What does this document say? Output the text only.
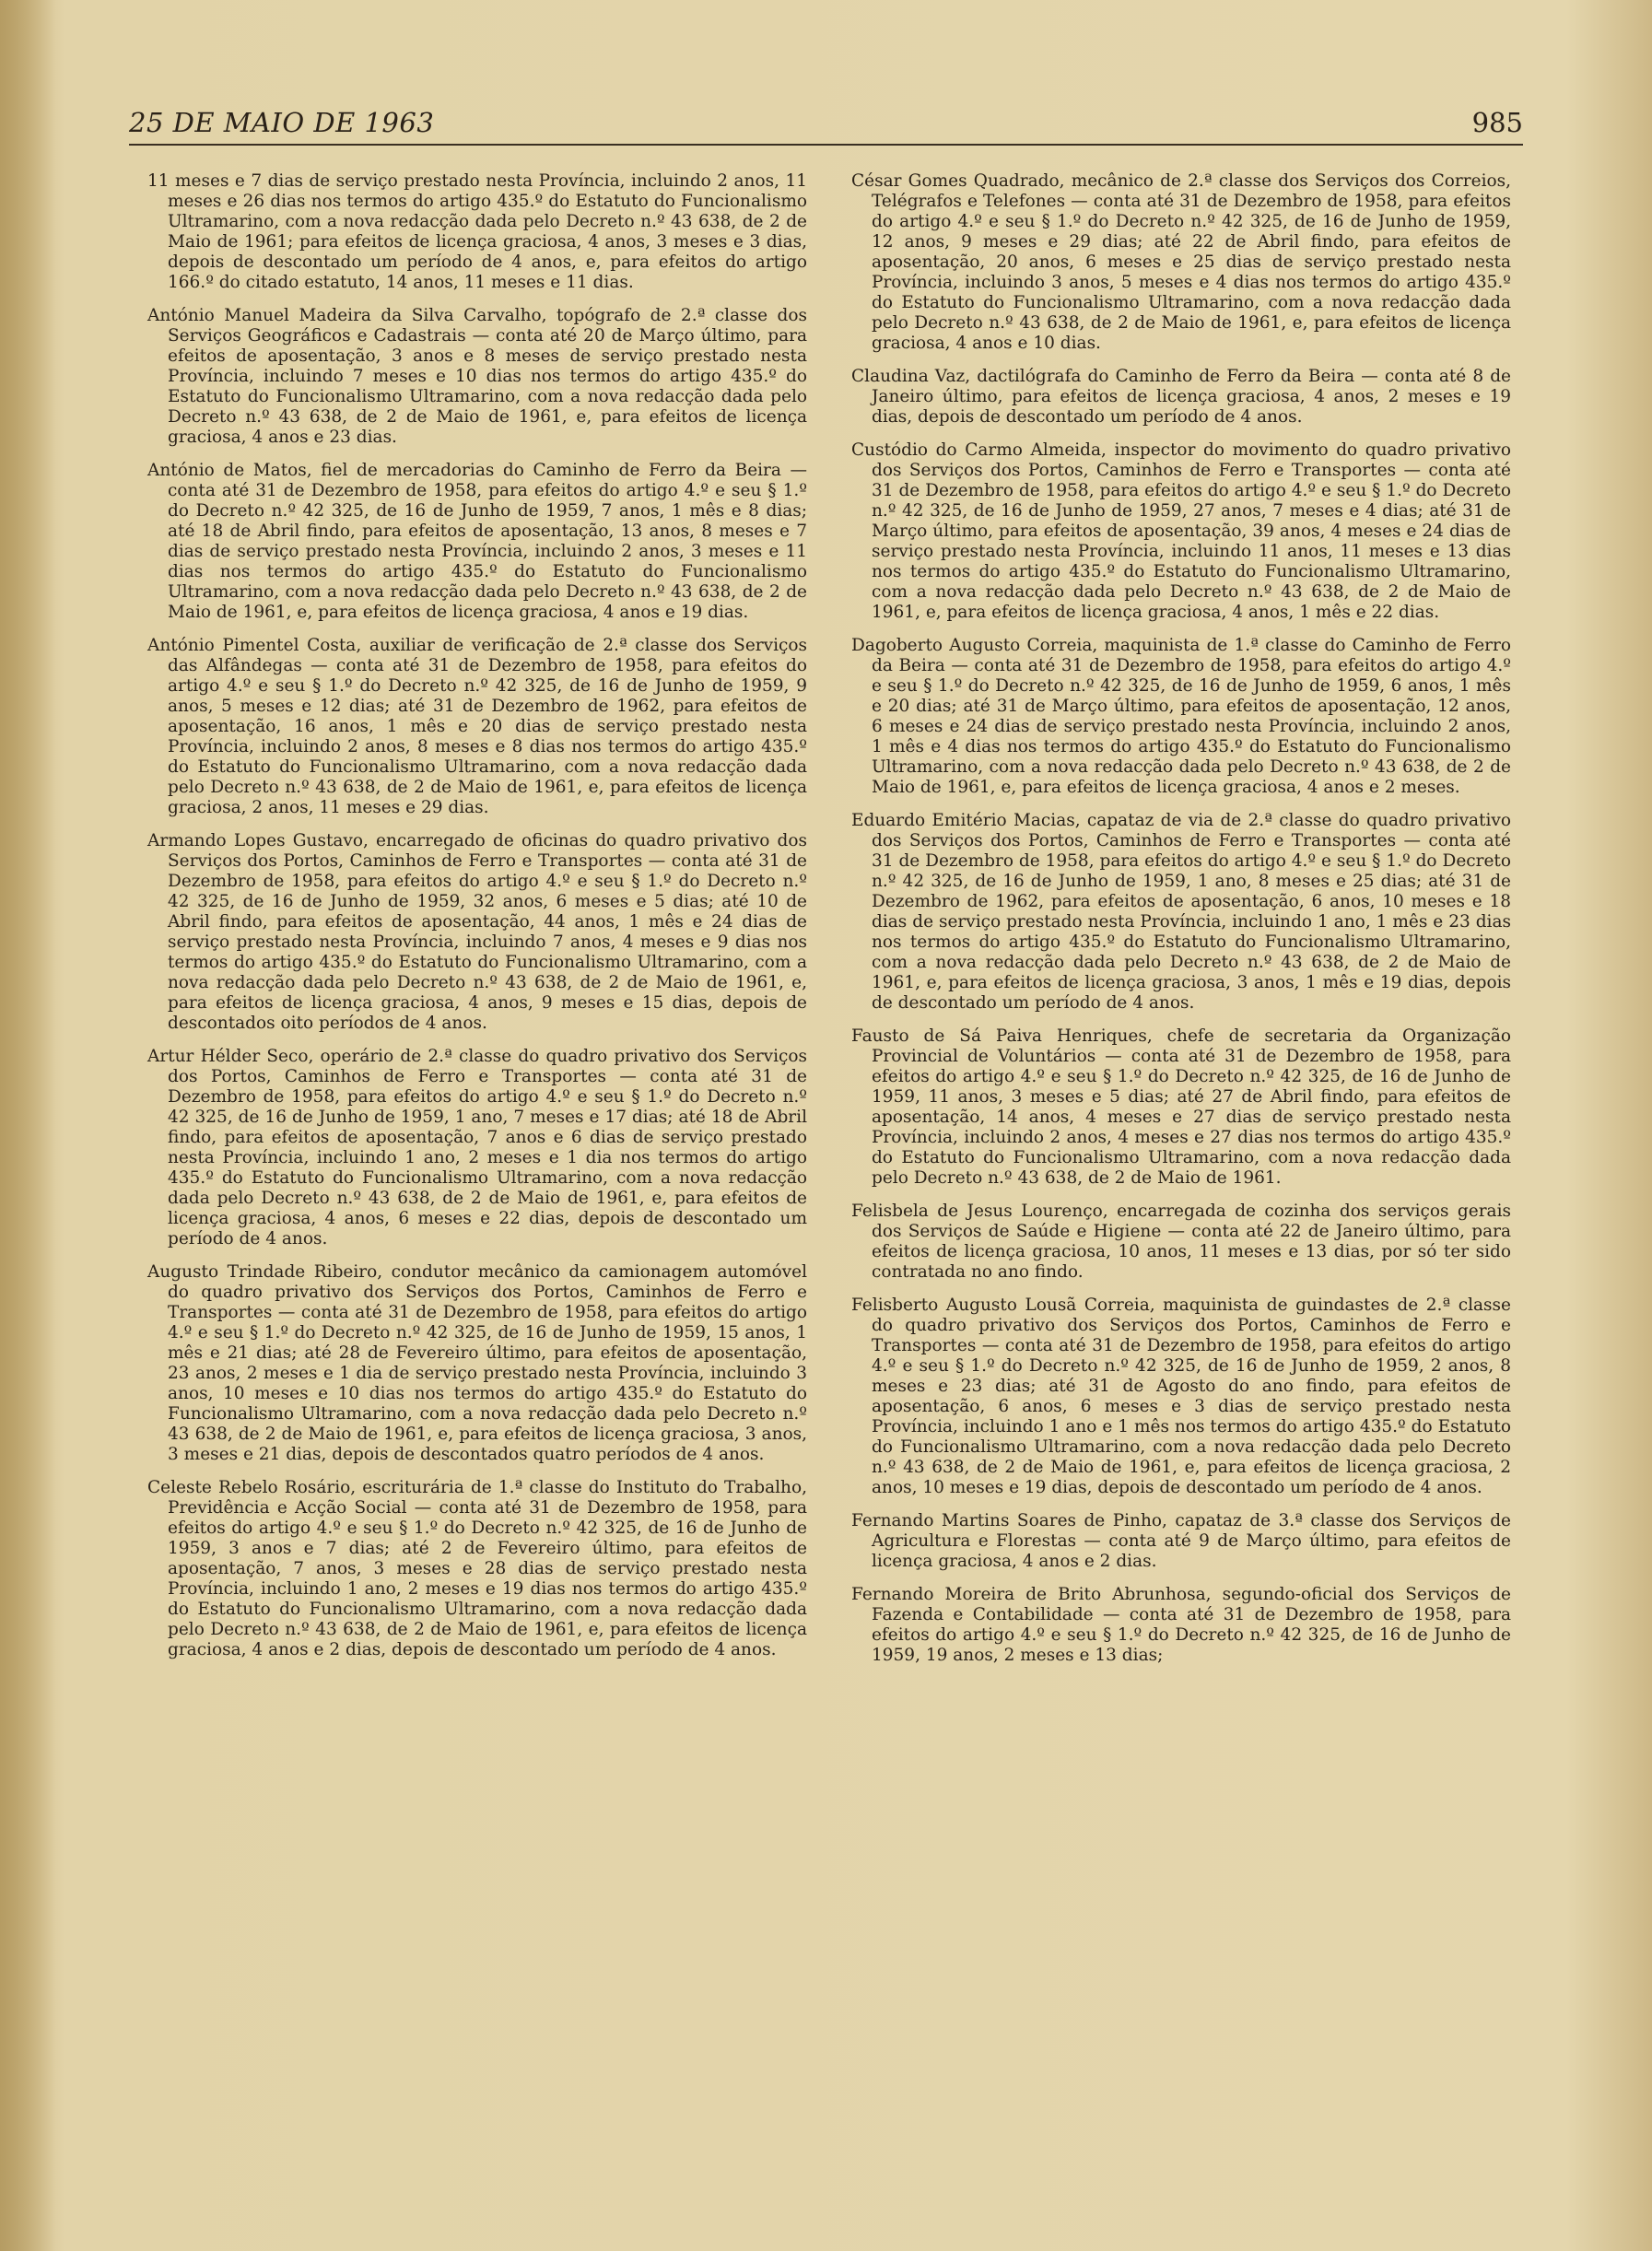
25 DE MAIO DE 1963	985

11 meses e 7 dias de serviço prestado nesta Província, incluindo 2 anos, 11 meses e 26 dias nos termos do artigo 435.º do Estatuto do Funcionalismo Ultramarino, com a nova redacção dada pelo Decreto n.º 43 638, de 2 de Maio de 1961; para efeitos de licença graciosa, 4 anos, 3 meses e 3 dias, depois de descontado um período de 4 anos, e, para efeitos do artigo 166.º do citado estatuto, 14 anos, 11 meses e 11 dias.

António Manuel Madeira da Silva Carvalho, topógrafo de 2.ª classe dos Serviços Geográficos e Cadastrais — conta até 20 de Março último, para efeitos de aposentação, 3 anos e 8 meses de serviço prestado nesta Província, incluindo 7 meses e 10 dias nos termos do artigo 435.º do Estatuto do Funcionalismo Ultramarino, com a nova redacção dada pelo Decreto n.º 43 638, de 2 de Maio de 1961, e, para efeitos de licença graciosa, 4 anos e 23 dias.

António de Matos, fiel de mercadorias do Caminho de Ferro da Beira — conta até 31 de Dezembro de 1958, para efeitos do artigo 4.º e seu § 1.º do Decreto n.º 42 325, de 16 de Junho de 1959, 7 anos, 1 mês e 8 dias; até 18 de Abril findo, para efeitos de aposentação, 13 anos, 8 meses e 7 dias de serviço prestado nesta Província, incluindo 2 anos, 3 meses e 11 dias nos termos do artigo 435.º do Estatuto do Funcionalismo Ultramarino, com a nova redacção dada pelo Decreto n.º 43 638, de 2 de Maio de 1961, e, para efeitos de licença graciosa, 4 anos e 19 dias.

António Pimentel Costa, auxiliar de verificação de 2.ª classe dos Serviços das Alfândegas — conta até 31 de Dezembro de 1958, para efeitos do artigo 4.º e seu § 1.º do Decreto n.º 42 325, de 16 de Junho de 1959, 9 anos, 5 meses e 12 dias; até 31 de Dezembro de 1962, para efeitos de aposentação, 16 anos, 1 mês e 20 dias de serviço prestado nesta Província, incluindo 2 anos, 8 meses e 8 dias nos termos do artigo 435.º do Estatuto do Funcionalismo Ultramarino, com a nova redacção dada pelo Decreto n.º 43 638, de 2 de Maio de 1961, e, para efeitos de licença graciosa, 2 anos, 11 meses e 29 dias.

Armando Lopes Gustavo, encarregado de oficinas do quadro privativo dos Serviços dos Portos, Caminhos de Ferro e Transportes — conta até 31 de Dezembro de 1958, para efeitos do artigo 4.º e seu § 1.º do Decreto n.º 42 325, de 16 de Junho de 1959, 32 anos, 6 meses e 5 dias; até 10 de Abril findo, para efeitos de aposentação, 44 anos, 1 mês e 24 dias de serviço prestado nesta Província, incluindo 7 anos, 4 meses e 9 dias nos termos do artigo 435.º do Estatuto do Funcionalismo Ultramarino, com a nova redacção dada pelo Decreto n.º 43 638, de 2 de Maio de 1961, e, para efeitos de licença graciosa, 4 anos, 9 meses e 15 dias, depois de descontados oito períodos de 4 anos.

Artur Hélder Seco, operário de 2.ª classe do quadro privativo dos Serviços dos Portos, Caminhos de Ferro e Transportes — conta até 31 de Dezembro de 1958, para efeitos do artigo 4.º e seu § 1.º do Decreto n.º 42 325, de 16 de Junho de 1959, 1 ano, 7 meses e 17 dias; até 18 de Abril findo, para efeitos de aposentação, 7 anos e 6 dias de serviço prestado nesta Província, incluindo 1 ano, 2 meses e 1 dia nos termos do artigo 435.º do Estatuto do Funcionalismo Ultramarino, com a nova redacção dada pelo Decreto n.º 43 638, de 2 de Maio de 1961, e, para efeitos de licença graciosa, 4 anos, 6 meses e 22 dias, depois de descontado um período de 4 anos.

Augusto Trindade Ribeiro, condutor mecânico da camionagem automóvel do quadro privativo dos Serviços dos Portos, Caminhos de Ferro e Transportes — conta até 31 de Dezembro de 1958, para efeitos do artigo 4.º e seu § 1.º do Decreto n.º 42 325, de 16 de Junho de 1959, 15 anos, 1 mês e 21 dias; até 28 de Fevereiro último, para efeitos de aposentação, 23 anos, 2 meses e 1 dia de serviço prestado nesta Província, incluindo 3 anos, 10 meses e 10 dias nos termos do artigo 435.º do Estatuto do Funcionalismo Ultramarino, com a nova redacção dada pelo Decreto n.º 43 638, de 2 de Maio de 1961, e, para efeitos de licença graciosa, 3 anos, 3 meses e 21 dias, depois de descontados quatro períodos de 4 anos.

Celeste Rebelo Rosário, escriturária de 1.ª classe do Instituto do Trabalho, Previdência e Acção Social — conta até 31 de Dezembro de 1958, para efeitos do artigo 4.º e seu § 1.º do Decreto n.º 42 325, de 16 de Junho de 1959, 3 anos e 7 dias; até 2 de Fevereiro último, para efeitos de aposentação, 7 anos, 3 meses e 28 dias de serviço prestado nesta Província, incluindo 1 ano, 2 meses e 19 dias nos termos do artigo 435.º do Estatuto do Funcionalismo Ultramarino, com a nova redacção dada pelo Decreto n.º 43 638, de 2 de Maio de 1961, e, para efeitos de licença graciosa, 4 anos e 2 dias, depois de descontado um período de 4 anos.

César Gomes Quadrado, mecânico de 2.ª classe dos Serviços dos Correios, Telégrafos e Telefones — conta até 31 de Dezembro de 1958, para efeitos do artigo 4.º e seu § 1.º do Decreto n.º 42 325, de 16 de Junho de 1959, 12 anos, 9 meses e 29 dias; até 22 de Abril findo, para efeitos de aposentação, 20 anos, 6 meses e 25 dias de serviço prestado nesta Província, incluindo 3 anos, 5 meses e 4 dias nos termos do artigo 435.º do Estatuto do Funcionalismo Ultramarino, com a nova redacção dada pelo Decreto n.º 43 638, de 2 de Maio de 1961, e, para efeitos de licença graciosa, 4 anos e 10 dias.

Claudina Vaz, dactilógrafa do Caminho de Ferro da Beira — conta até 8 de Janeiro último, para efeitos de licença graciosa, 4 anos, 2 meses e 19 dias, depois de descontado um período de 4 anos.

Custódio do Carmo Almeida, inspector do movimento do quadro privativo dos Serviços dos Portos, Caminhos de Ferro e Transportes — conta até 31 de Dezembro de 1958, para efeitos do artigo 4.º e seu § 1.º do Decreto n.º 42 325, de 16 de Junho de 1959, 27 anos, 7 meses e 4 dias; até 31 de Março último, para efeitos de aposentação, 39 anos, 4 meses e 24 dias de serviço prestado nesta Província, incluindo 11 anos, 11 meses e 13 dias nos termos do artigo 435.º do Estatuto do Funcionalismo Ultramarino, com a nova redacção dada pelo Decreto n.º 43 638, de 2 de Maio de 1961, e, para efeitos de licença graciosa, 4 anos, 1 mês e 22 dias.

Dagoberto Augusto Correia, maquinista de 1.ª classe do Caminho de Ferro da Beira — conta até 31 de Dezembro de 1958, para efeitos do artigo 4.º e seu § 1.º do Decreto n.º 42 325, de 16 de Junho de 1959, 6 anos, 1 mês e 20 dias; até 31 de Março último, para efeitos de aposentação, 12 anos, 6 meses e 24 dias de serviço prestado nesta Província, incluindo 2 anos, 1 mês e 4 dias nos termos do artigo 435.º do Estatuto do Funcionalismo Ultramarino, com a nova redacção dada pelo Decreto n.º 43 638, de 2 de Maio de 1961, e, para efeitos de licença graciosa, 4 anos e 2 meses.

Eduardo Emitério Macias, capataz de via de 2.ª classe do quadro privativo dos Serviços dos Portos, Caminhos de Ferro e Transportes — conta até 31 de Dezembro de 1958, para efeitos do artigo 4.º e seu § 1.º do Decreto n.º 42 325, de 16 de Junho de 1959, 1 ano, 8 meses e 25 dias; até 31 de Dezembro de 1962, para efeitos de aposentação, 6 anos, 10 meses e 18 dias de serviço prestado nesta Província, incluindo 1 ano, 1 mês e 23 dias nos termos do artigo 435.º do Estatuto do Funcionalismo Ultramarino, com a nova redacção dada pelo Decreto n.º 43 638, de 2 de Maio de 1961, e, para efeitos de licença graciosa, 3 anos, 1 mês e 19 dias, depois de descontado um período de 4 anos.

Fausto de Sá Paiva Henriques, chefe de secretaria da Organização Provincial de Voluntários — conta até 31 de Dezembro de 1958, para efeitos do artigo 4.º e seu § 1.º do Decreto n.º 42 325, de 16 de Junho de 1959, 11 anos, 3 meses e 5 dias; até 27 de Abril findo, para efeitos de aposentação, 14 anos, 4 meses e 27 dias de serviço prestado nesta Província, incluindo 2 anos, 4 meses e 27 dias nos termos do artigo 435.º do Estatuto do Funcionalismo Ultramarino, com a nova redacção dada pelo Decreto n.º 43 638, de 2 de Maio de 1961.

Felisbela de Jesus Lourenço, encarregada de cozinha dos serviços gerais dos Serviços de Saúde e Higiene — conta até 22 de Janeiro último, para efeitos de licença graciosa, 10 anos, 11 meses e 13 dias, por só ter sido contratada no ano findo.

Felisberto Augusto Lousã Correia, maquinista de guindastes de 2.ª classe do quadro privativo dos Serviços dos Portos, Caminhos de Ferro e Transportes — conta até 31 de Dezembro de 1958, para efeitos do artigo 4.º e seu § 1.º do Decreto n.º 42 325, de 16 de Junho de 1959, 2 anos, 8 meses e 23 dias; até 31 de Agosto do ano findo, para efeitos de aposentação, 6 anos, 6 meses e 3 dias de serviço prestado nesta Província, incluindo 1 ano e 1 mês nos termos do artigo 435.º do Estatuto do Funcionalismo Ultramarino, com a nova redacção dada pelo Decreto n.º 43 638, de 2 de Maio de 1961, e, para efeitos de licença graciosa, 2 anos, 10 meses e 19 dias, depois de descontado um período de 4 anos.

Fernando Martins Soares de Pinho, capataz de 3.ª classe dos Serviços de Agricultura e Florestas — conta até 9 de Março último, para efeitos de licença graciosa, 4 anos e 2 dias.

Fernando Moreira de Brito Abrunhosa, segundo-oficial dos Serviços de Fazenda e Contabilidade — conta até 31 de Dezembro de 1958, para efeitos do artigo 4.º e seu § 1.º do Decreto n.º 42 325, de 16 de Junho de 1959, 19 anos, 2 meses e 13 dias;
